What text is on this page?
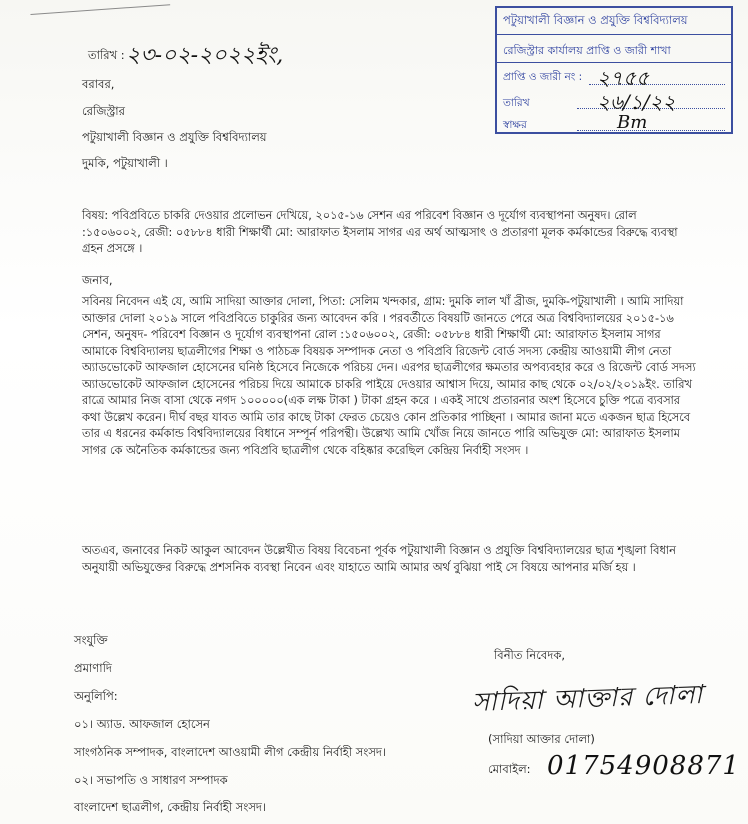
পটুয়াখালী বিজ্ঞান ও প্রযুক্তি বিশ্ববিদ্যালয়
রেজিস্ট্রার কার্যালয় প্রাপ্তি ও জারী শাখা
প্রাপ্তি ও জারী নং :
তারিখ
স্বাক্ষর
২৭৫৫
২৬/১/২২
Bm
তারিখ : ২৩-০২-২০২২ইং,
বরাবর,
রেজিস্ট্রার
পটুয়াখালী বিজ্ঞান ও প্রযুক্তি বিশ্ববিদ্যালয়
দুমকি, পটুয়াখালী ।
বিষয়: পবিপ্রবিতে চাকরি দেওয়ার প্রলোভন দেখিয়ে, ২০১৫-১৬ সেশন এর পরিবেশ বিজ্ঞান ও দূর্যোগ ব্যবস্থাপনা অনুষদ। রোল :১৫০৬০০২, রেজী: ০৫৮৮৪ ধারী শিক্ষার্থী মো: আরাফাত ইসলাম সাগর এর অর্থ আত্মসাৎ ও প্রতারণা মূলক কর্মকান্ডের বিরুদ্ধে ব্যবস্থা গ্রহন প্রসঙ্গে ।
জনাব,
সবিনয় নিবেদন এই যে, আমি সাদিয়া আক্তার দোলা, পিতা: সেলিম খন্দকার, গ্রাম: দুমকি লাল খাঁ ব্রীজ, দুমকি-পটুয়াখালী । আমি সাদিয়া আক্তার দোলা ২০১৯ সালে পবিপ্রবিতে চাকুরির জন্য আবেদন করি । পরবর্তীতে বিষয়টি জানতে পেরে অত্র বিশ্ববিদ্যালয়ের ২০১৫-১৬ সেশন, অনুষদ- পরিবেশ বিজ্ঞান ও দূর্যোগ ব্যবস্থাপনা রোল :১৫০৬০০২, রেজী: ০৫৮৮৪ ধারী শিক্ষার্থী মো: আরাফাত ইসলাম সাগর আমাকে বিশ্ববিদ্যালয় ছাত্রলীগের শিক্ষা ও পাঠচক্র বিষয়ক সম্পাদক নেতা ও পবিপ্রবি রিজেন্ট বোর্ড সদস্য কেন্দ্রীয় আওয়ামী লীগ নেতা অ্যাডভোকেট আফজাল হোসেনের ঘনিষ্ঠ হিসেবে নিজেকে পরিচয় দেন। এরপর ছাত্রলীগের ক্ষমতার অপব্যবহার করে ও রিজেন্ট বোর্ড সদস্য অ্যাডভোকেট আফজাল হোসেনের পরিচয় দিয়ে আমাকে চাকরি পাইয়ে দেওয়ার আশ্বাস দিয়ে, আমার কাছ থেকে ০২/০২/২০১৯ইং. তারিখ রাত্রে আমার নিজ বাসা থেকে নগদ ১০০০০০(এক লক্ষ টাকা ) টাকা গ্রহন করে । একই সাথে প্রতারনার অংশ হিসেবে চুক্তি পত্রে ব্যবসার কথা উল্লেখ করেন। দীর্ঘ বছর যাবত আমি তার কাছে টাকা ফেরত চেয়েও কোন প্রতিকার পাচ্ছিনা । আমার জানা মতে একজন ছাত্র হিসেবে তার এ ধরনের কর্মকান্ড বিশ্ববিদ্যালয়ের বিধানে সম্পূর্ন পরিপন্থী। উল্লেখ্য আমি খোঁজ নিয়ে জানতে পারি অভিযুক্ত মো: আরাফাত ইসলাম সাগর কে অনৈতিক কর্মকান্ডের জন্য পবিপ্রবি ছাত্রলীগ থেকে বহিষ্কার করেছিল কেন্দ্রিয় নির্বাহী সংসদ ।
অতএব, জনাবের নিকট আকুল আবেদন উল্লেখীত বিষয় বিবেচনা পূর্বক পটুয়াখালী বিজ্ঞান ও প্রযুক্তি বিশ্ববিদ্যালয়ের ছাত্র শৃঙ্খলা বিধান অনুযায়ী অভিযুক্তের বিরুদ্ধে প্রশসনিক ব্যবস্থা নিবেন এবং যাহাতে আমি আমার অর্থ বুঝিয়া পাই সে বিষয়ে আপনার মর্জি হয় ।
সংযুক্তি
প্রমাণাদি
অনুলিপি:
০১। অ্যাড. আফজাল হোসেন
সাংগঠনিক সম্পাদক, বাংলাদেশ আওয়ামী লীগ কেন্দ্রীয় নির্বাহী সংসদ।
০২। সভাপতি ও সাধারণ সম্পাদক
বাংলাদেশ ছাত্রলীগ, কেন্দ্রীয় নির্বাহী সংসদ।
বিনীত নিবেদক,
সাদিয়া আক্তার দোলা
(সাদিয়া আক্তার দোলা)
মোবাইল: 01754908871
